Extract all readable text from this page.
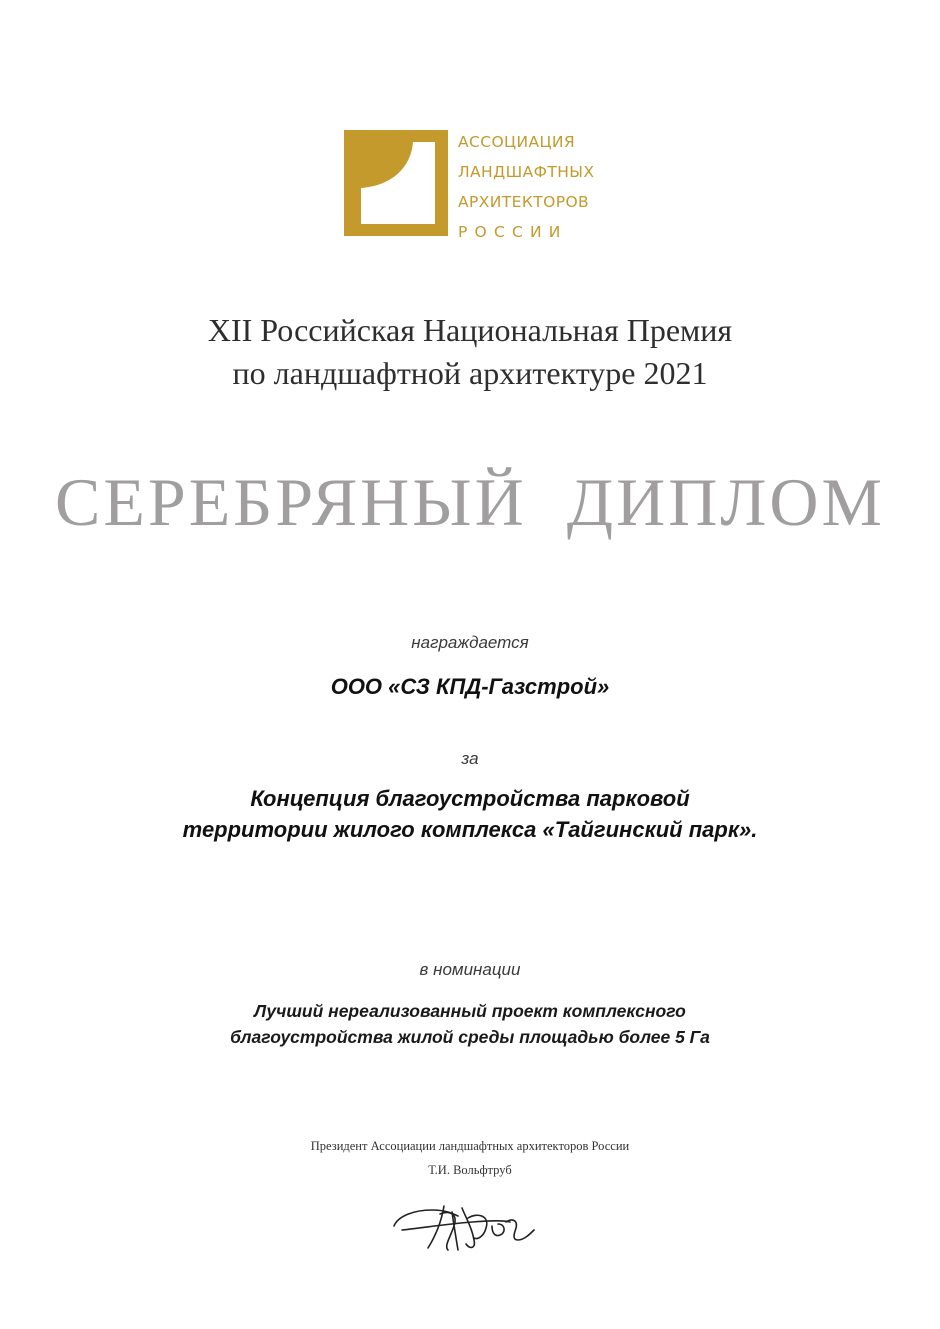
АССОЦИАЦИЯ
ЛАНДШАФТНЫХ
АРХИТЕКТОРОВ
РОССИИ
XII Российская Национальная Премия
по ландшафтной архитектуре 2021
СЕРЕБРЯНЫЙ  ДИПЛОМ
награждается
ООО «СЗ КПД-Газстрой»
за
Концепция благоустройства парковой
территории жилого комплекса «Тайгинский парк».
в номинации
Лучший нереализованный проект комплексного
благоустройства жилой среды площадью более 5 Га
Президент Ассоциации ландшафтных архитекторов России
Т.И. Вольфтруб
